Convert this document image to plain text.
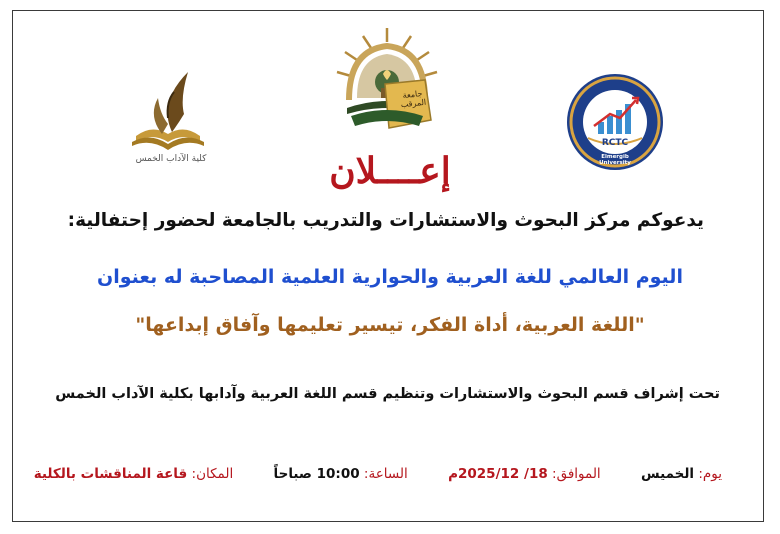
كلية الآداب الخمس
جامعة المرقب
RCTC
Elmergib University
إعــــلان
يدعوكم مركز البحوث والاستشارات والتدريب بالجامعة لحضور إحتفالية:
اليوم العالمي للغة العربية والحوارية العلمية المصاحبة له بعنوان
"اللغة العربية، أداة الفكر، تيسير تعليمها وآفاق إبداعها"
تحت إشراف قسم البحوث والاستشارات وتنظيم قسم اللغة العربية وآدابها بكلية الآداب الخمس
يوم: الخميس الموافق: 18/ 2025/12م الساعة: 10:00 صباحاً المكان: قاعة المناقشات بالكلية
